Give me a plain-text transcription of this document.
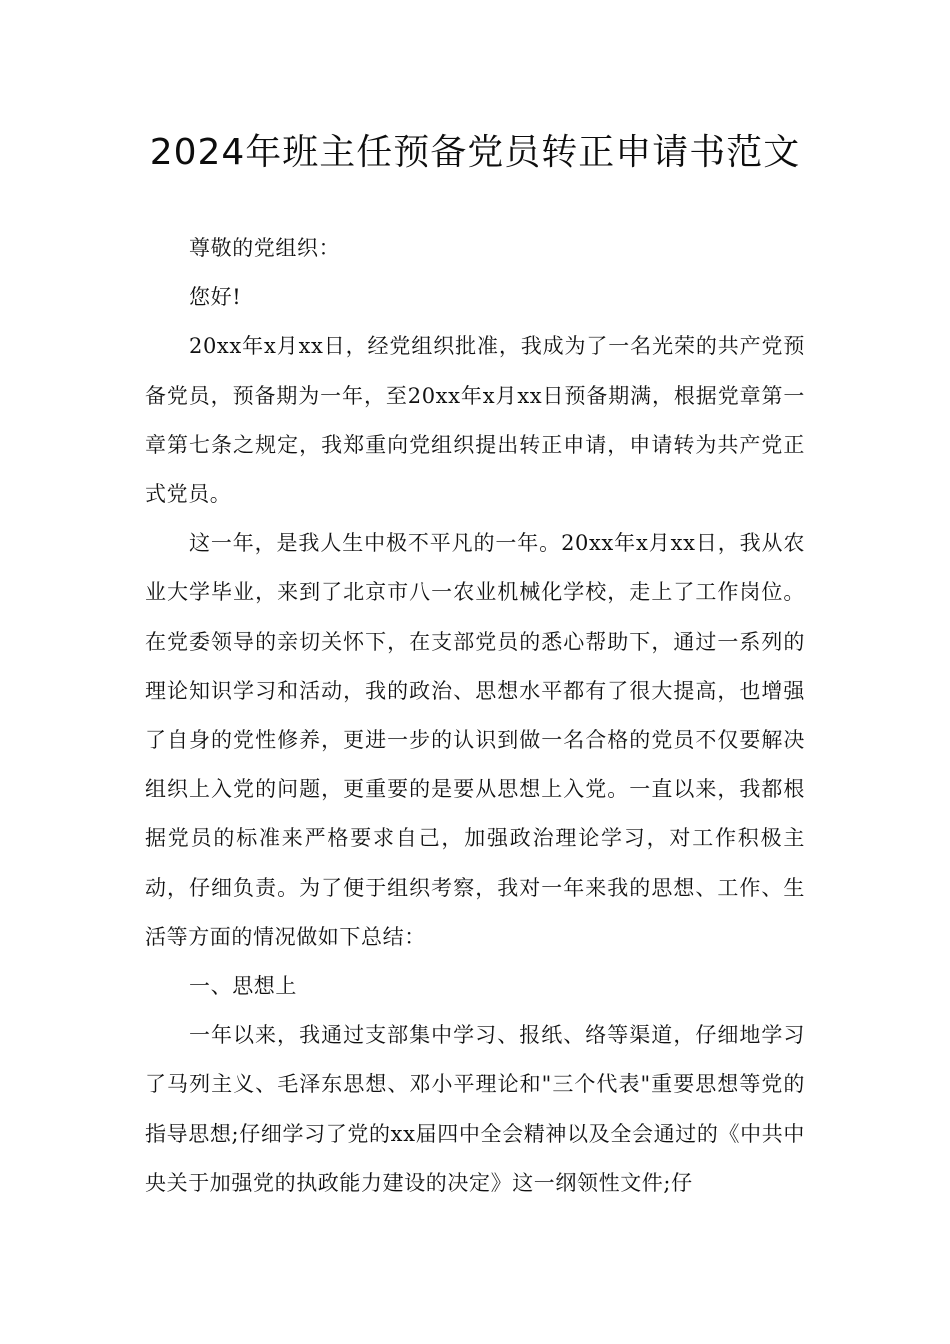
2024年班主任预备党员转正申请书范文

尊敬的党组织：

您好!

20xx年x月xx日，经党组织批准，我成为了一名光荣的共产党预备党员，预备期为一年，至20xx年x月xx日预备期满，根据党章第一章第七条之规定，我郑重向党组织提出转正申请，申请转为共产党正式党员。

这一年，是我人生中极不平凡的一年。20xx年x月xx日，我从农业大学毕业，来到了北京市八一农业机械化学校，走上了工作岗位。在党委领导的亲切关怀下，在支部党员的悉心帮助下，通过一系列的理论知识学习和活动，我的政治、思想水平都有了很大提高，也增强了自身的党性修养，更进一步的认识到做一名合格的党员不仅要解决组织上入党的问题，更重要的是要从思想上入党。一直以来，我都根据党员的标准来严格要求自己，加强政治理论学习，对工作积极主动，仔细负责。为了便于组织考察，我对一年来我的思想、工作、生活等方面的情况做如下总结：

一、思想上

一年以来，我通过支部集中学习、报纸、络等渠道，仔细地学习了马列主义、毛泽东思想、邓小平理论和"三个代表"重要思想等党的指导思想;仔细学习了党的xx届四中全会精神以及全会通过的《中共中央关于加强党的执政能力建设的决定》这一纲领性文件;仔
